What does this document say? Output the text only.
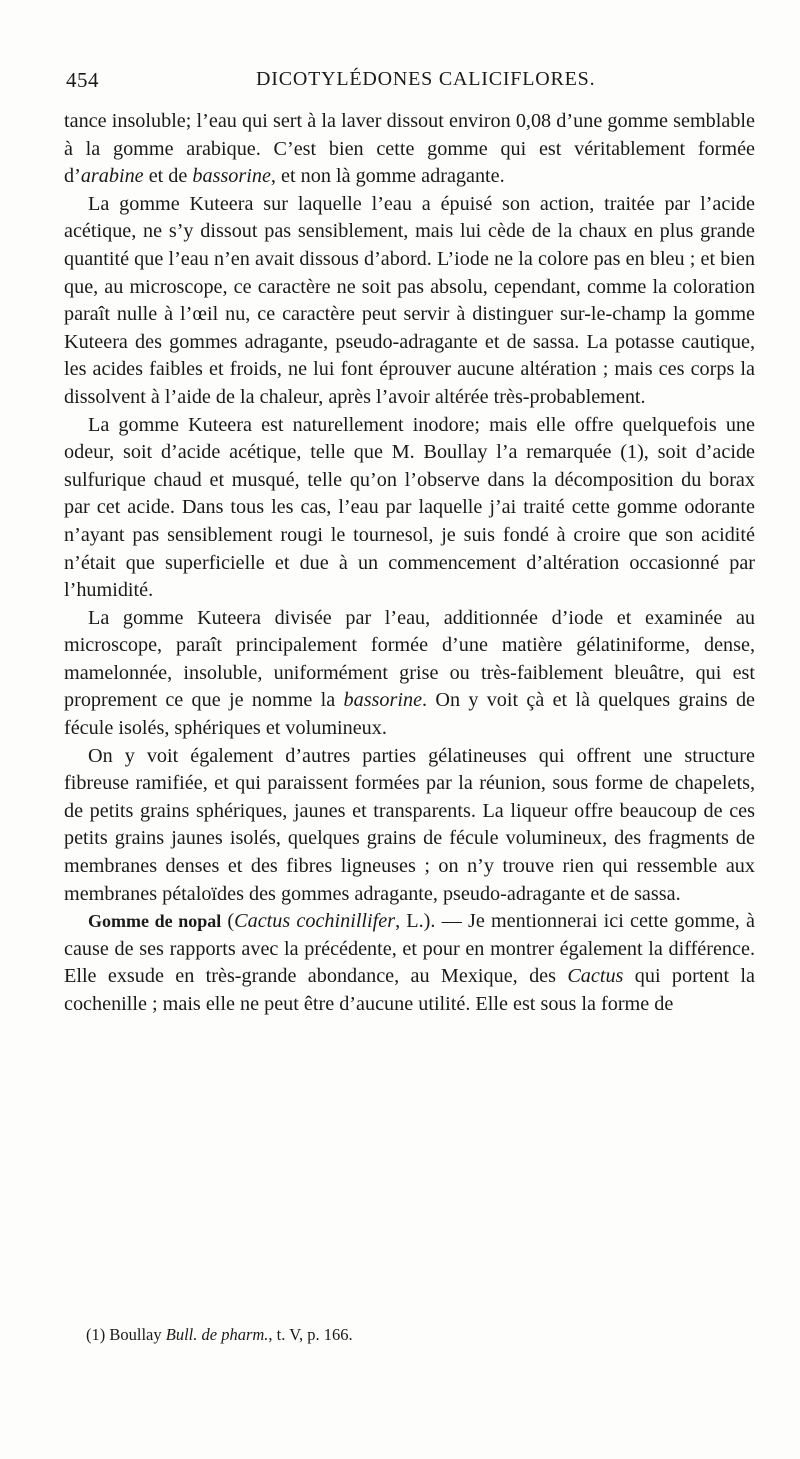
454	DICOTYLÉDONES CALICIFLORES.

tance insoluble; l’eau qui sert à la laver dissout environ 0,08 d’une gomme semblable à la gomme arabique. C’est bien cette gomme qui est véritablement formée d’arabine et de bassorine, et non là gomme adragante.

La gomme Kuteera sur laquelle l’eau a épuisé son action, traitée par l’acide acétique, ne s’y dissout pas sensiblement, mais lui cède de la chaux en plus grande quantité que l’eau n’en avait dissous d’abord. L’iode ne la colore pas en bleu ; et bien que, au microscope, ce caractère ne soit pas absolu, cependant, comme la coloration paraît nulle à l’œil nu, ce caractère peut servir à distinguer sur-le-champ la gomme Kuteera des gommes adragante, pseudo-adragante et de sassa. La potasse cautique, les acides faibles et froids, ne lui font éprouver aucune altération ; mais ces corps la dissolvent à l’aide de la chaleur, après l’avoir altérée très-probablement.

La gomme Kuteera est naturellement inodore; mais elle offre quelquefois une odeur, soit d’acide acétique, telle que M. Boullay l’a remarquée (1), soit d’acide sulfurique chaud et musqué, telle qu’on l’observe dans la décomposition du borax par cet acide. Dans tous les cas, l’eau par laquelle j’ai traité cette gomme odorante n’ayant pas sensiblement rougi le tournesol, je suis fondé à croire que son acidité n’était que superficielle et due à un commencement d’altération occasionné par l’humidité.

La gomme Kuteera divisée par l’eau, additionnée d’iode et examinée au microscope, paraît principalement formée d’une matière gélatiniforme, dense, mamelonnée, insoluble, uniformément grise ou très-faiblement bleuâtre, qui est proprement ce que je nomme la bassorine. On y voit çà et là quelques grains de fécule isolés, sphériques et volumineux.

On y voit également d’autres parties gélatineuses qui offrent une structure fibreuse ramifiée, et qui paraissent formées par la réunion, sous forme de chapelets, de petits grains sphériques, jaunes et transparents. La liqueur offre beaucoup de ces petits grains jaunes isolés, quelques grains de fécule volumineux, des fragments de membranes denses et des fibres ligneuses ; on n’y trouve rien qui ressemble aux membranes pétaloïdes des gommes adragante, pseudo-adragante et de sassa.

Gomme de nopal (Cactus cochinillifer, L.). — Je mentionnerai ici cette gomme, à cause de ses rapports avec la précédente, et pour en montrer également la différence. Elle exsude en très-grande abondance, au Mexique, des Cactus qui portent la cochenille ; mais elle ne peut être d’aucune utilité. Elle est sous la forme de

(1) Boullay Bull. de pharm., t. V, p. 166.
